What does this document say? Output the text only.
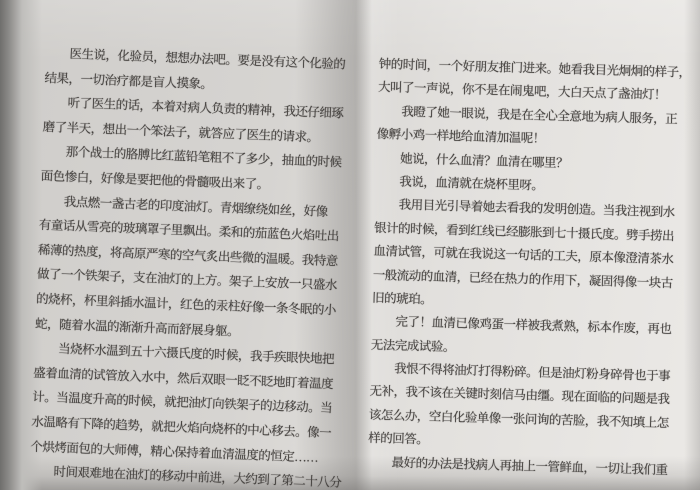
　　医生说，化验员，想想办法吧。要是没有这个化验的
结果，一切治疗都是盲人摸象。
　　听了医生的话，本着对病人负责的精神，我还仔细琢
磨了半天，想出一个笨法子，就答应了医生的请求。
　　那个战士的胳膊比红蓝铅笔粗不了多少，抽血的时候
面色惨白，好像是要把他的骨髓吸出来了。
　　我点燃一盏古老的印度油灯。青烟缭绕如丝，好像
有童话从雪亮的玻璃罩子里飘出。柔和的茄蓝色火焰吐出
稀薄的热度，将高原严寒的空气炙出些微的温暖。我特意
做了一个铁架子，支在油灯的上方。架子上安放一只盛水
的烧杯，杯里斜插水温计，红色的汞柱好像一条冬眠的小
蛇，随着水温的渐渐升高而舒展身躯。
　　当烧杯水温到五十六摄氏度的时候，我手疾眼快地把
盛着血清的试管放入水中，然后双眼一眨不眨地盯着温度
计。当温度升高的时候，就把油灯向铁架子的边移动。当
水温略有下降的趋势，就把火焰向烧杯的中心移去。像一
个烘烤面包的大师傅，精心保持着血清温度的恒定……
　　时间艰难地在油灯的移动中前进，大约到了第二十八分
钟的时间，一个好朋友推门进来。她看我目光炯炯的样子，
大叫了一声说，你不是在闹鬼吧，大白天点了盏油灯！
　　我瞪了她一眼说，我是在全心全意地为病人服务，正
像孵小鸡一样地给血清加温呢！
　　她说，什么血清？血清在哪里？
　　我说，血清就在烧杯里呀。
　　我用目光引导着她去看我的发明创造。当我注视到水
银计的时候，看到红线已经膨胀到七十摄氏度。劈手捞出
血清试管，可就在我说这一句话的工夫，原本像澄清茶水
一般流动的血清，已经在热力的作用下，凝固得像一块古
旧的琥珀。
　　完了！血清已像鸡蛋一样被我煮熟，标本作废，再也
无法完成试验。
　　我恨不得将油灯打得粉碎。但是油灯粉身碎骨也于事
无补，我不该在关键时刻信马由缰。现在面临的问题是我
该怎么办，空白化验单像一张问询的苦脸，我不知填上怎
样的回答。
　　最好的办法是找病人再抽上一管鲜血，一切让我们重
